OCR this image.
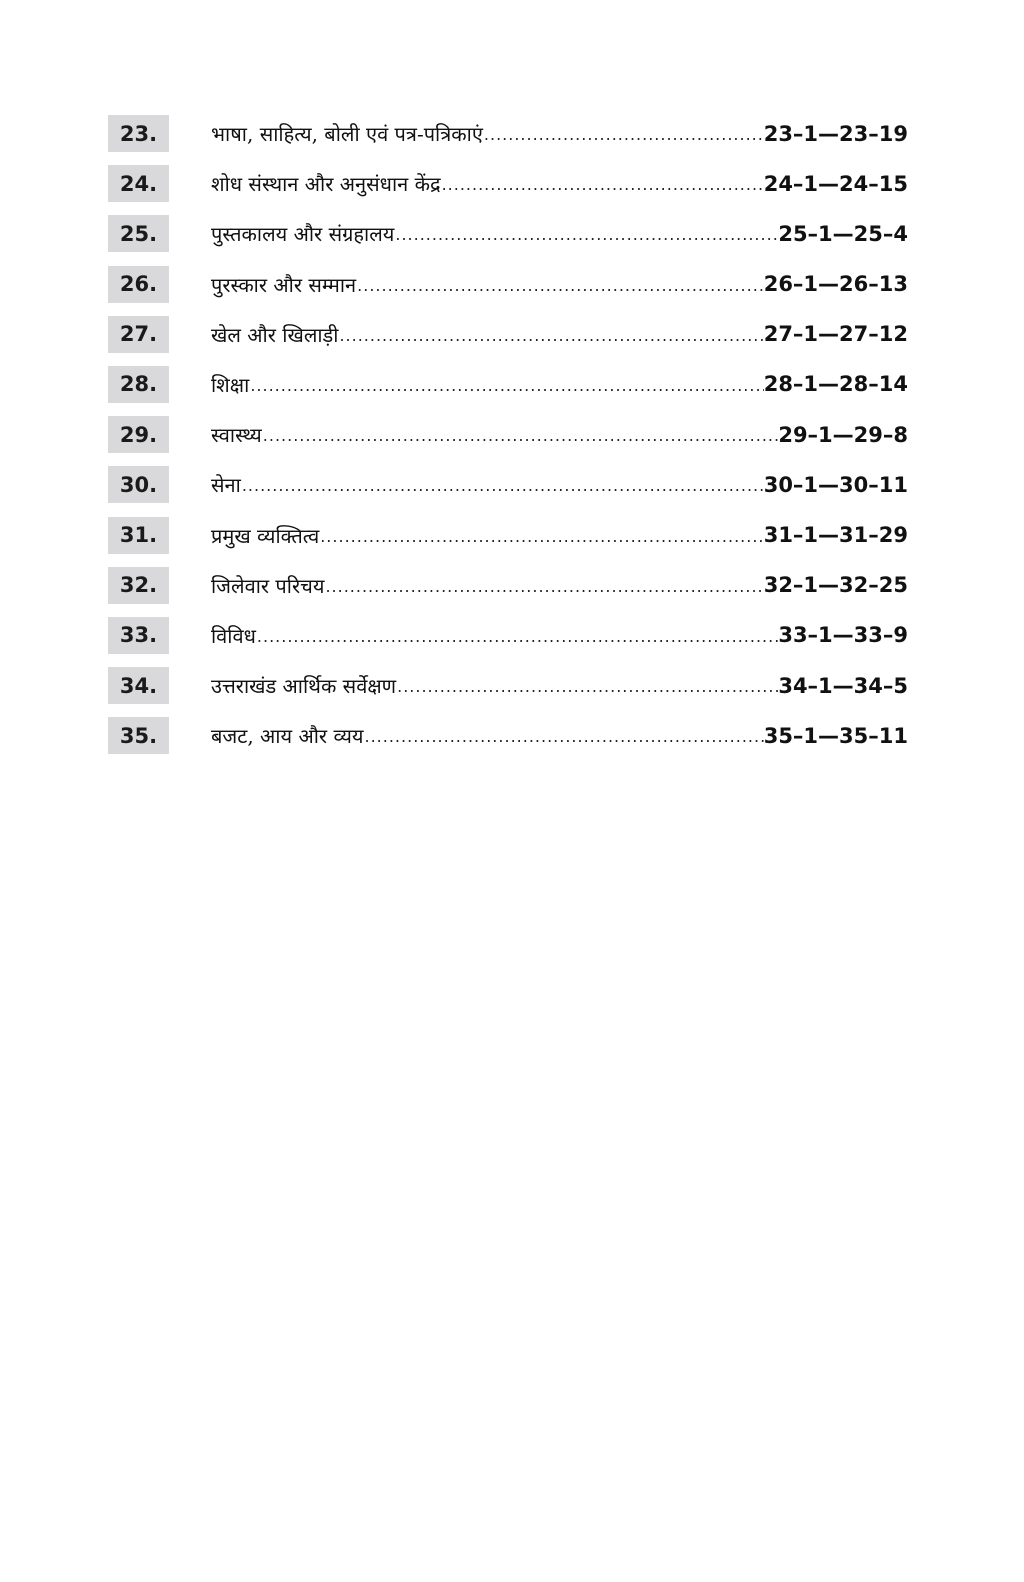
23.	भाषा, साहित्य, बोली एवं पत्र-पत्रिकाएं .....	23–1—23–19
24.	शोध संस्थान और अनुसंधान केंद्र .....	24–1—24–15
25.	पुस्तकालय और संग्रहालय .....	25–1—25–4
26.	पुरस्कार और सम्मान .....	26–1—26–13
27.	खेल और खिलाड़ी .....	27–1—27–12
28.	शिक्षा .....	28–1—28–14
29.	स्वास्थ्य .....	29–1—29–8
30.	सेना .....	30–1—30–11
31.	प्रमुख व्यक्तित्व .....	31–1—31–29
32.	जिलेवार परिचय .....	32–1—32–25
33.	विविध .....	33–1—33–9
34.	उत्तराखंड आर्थिक सर्वेक्षण .....	34–1—34–5
35.	बजट, आय और व्यय .....	35–1—35–11
